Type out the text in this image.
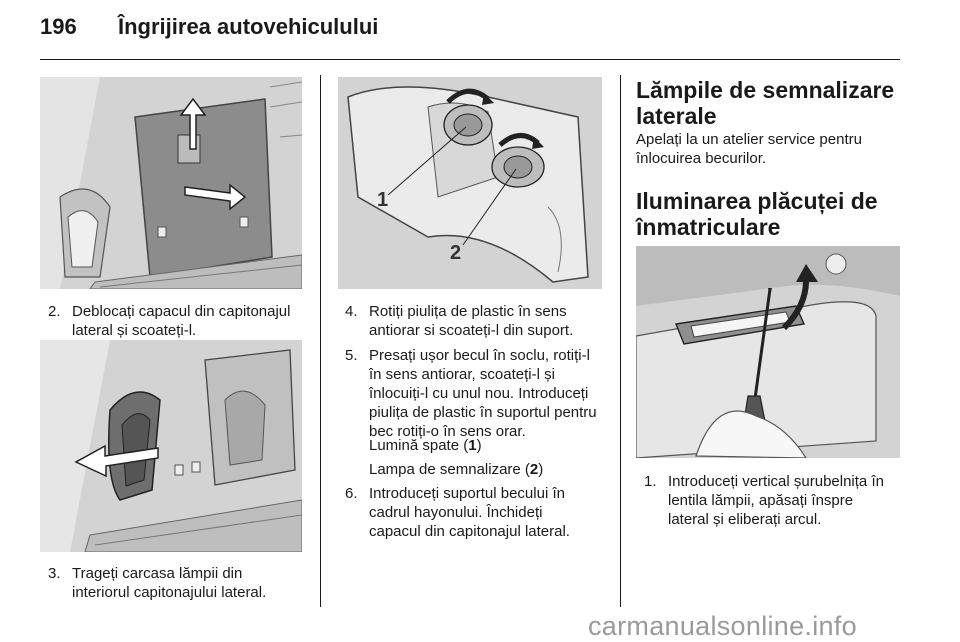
196 Îngrijirea autovehiculului
2. Deblocați capacul din capitonajul
lateral și scoateți-l.
3. Trageți carcasa lămpii din
interiorul capitonajului lateral.
1
2
4. Rotiți piulița de plastic în sens
antiorar si scoateți-l din suport.
5. Presați ușor becul în soclu, rotiți-l
în sens antiorar, scoateți-l și
înlocuiți-l cu unul nou. Introduceți
piulița de plastic în suportul pentru
bec rotiți-o în sens orar.
Lumină spate (1)
Lampa de semnalizare (2)
6. Introduceți suportul becului în
cadrul hayonului. Închideți
capacul din capitonajul lateral.
Lămpile de semnalizare
laterale
Apelați la un atelier service pentru
înlocuirea becurilor.
Iluminarea plăcuței de
înmatriculare
1. Introduceți vertical șurubelnița în
lentila lămpii, apăsați înspre
lateral și eliberați arcul.
carmanualsonline.info
